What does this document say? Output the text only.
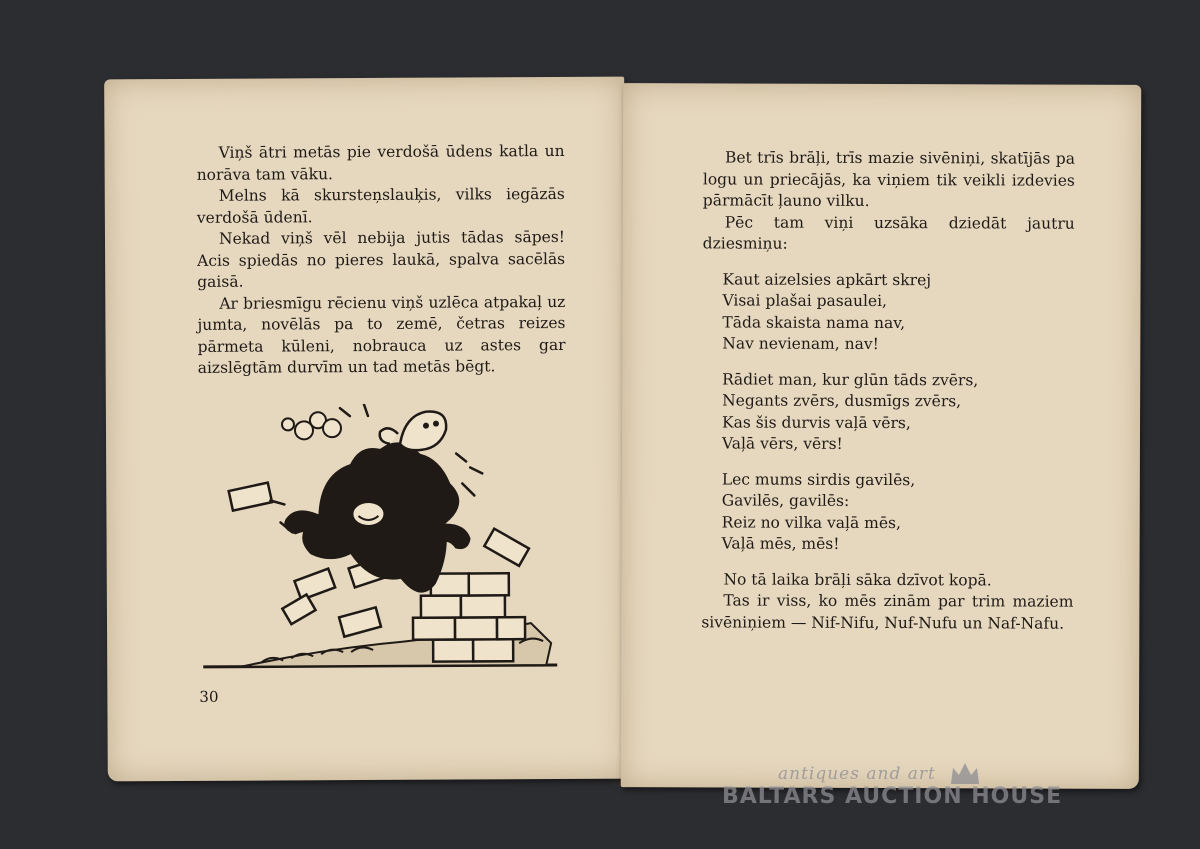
Viņš ātri metās pie verdošā ūdens katla un norāva tam vāku.

Melns kā skursteņslauķis, vilks iegāzās verdošā ūdenī.

Nekad viņš vēl nebija jutis tādas sāpes! Acis spiedās no pieres laukā, spalva sacēlās gaisā.

Ar briesmīgu rēcienu viņš uzlēca atpakaļ uz jumta, novēlās pa to zemē, četras reizes pārmeta kūleni, nobrauca uz astes gar aizslēgtām durvīm un tad metās bēgt.

30

Bet trīs brāļi, trīs mazie sivēniņi, skatījās pa logu un priecājās, ka viņiem tik veikli izdevies pārmācīt ļauno vilku.

Pēc tam viņi uzsāka dziedāt jautru dziesmiņu:

Kaut aizelsies apkārt skrej
Visai plašai pasaulei,
Tāda skaista nama nav,
Nav nevienam, nav!
Rādiet man, kur glūn tāds zvērs,
Negants zvērs, dusmīgs zvērs,
Kas šis durvis vaļā vērs,
Vaļā vērs, vērs!
Lec mums sirdis gavilēs,
Gavilēs, gavilēs:
Reiz no vilka vaļā mēs,
Vaļā mēs, mēs!

No tā laika brāļi sāka dzīvot kopā.

Tas ir viss, ko mēs zinām par trim maziem sivēniņiem — Nif-Nifu, Nuf-Nufu un Naf-Nafu.

antiques and art
BALTARS AUCTION HOUSE
